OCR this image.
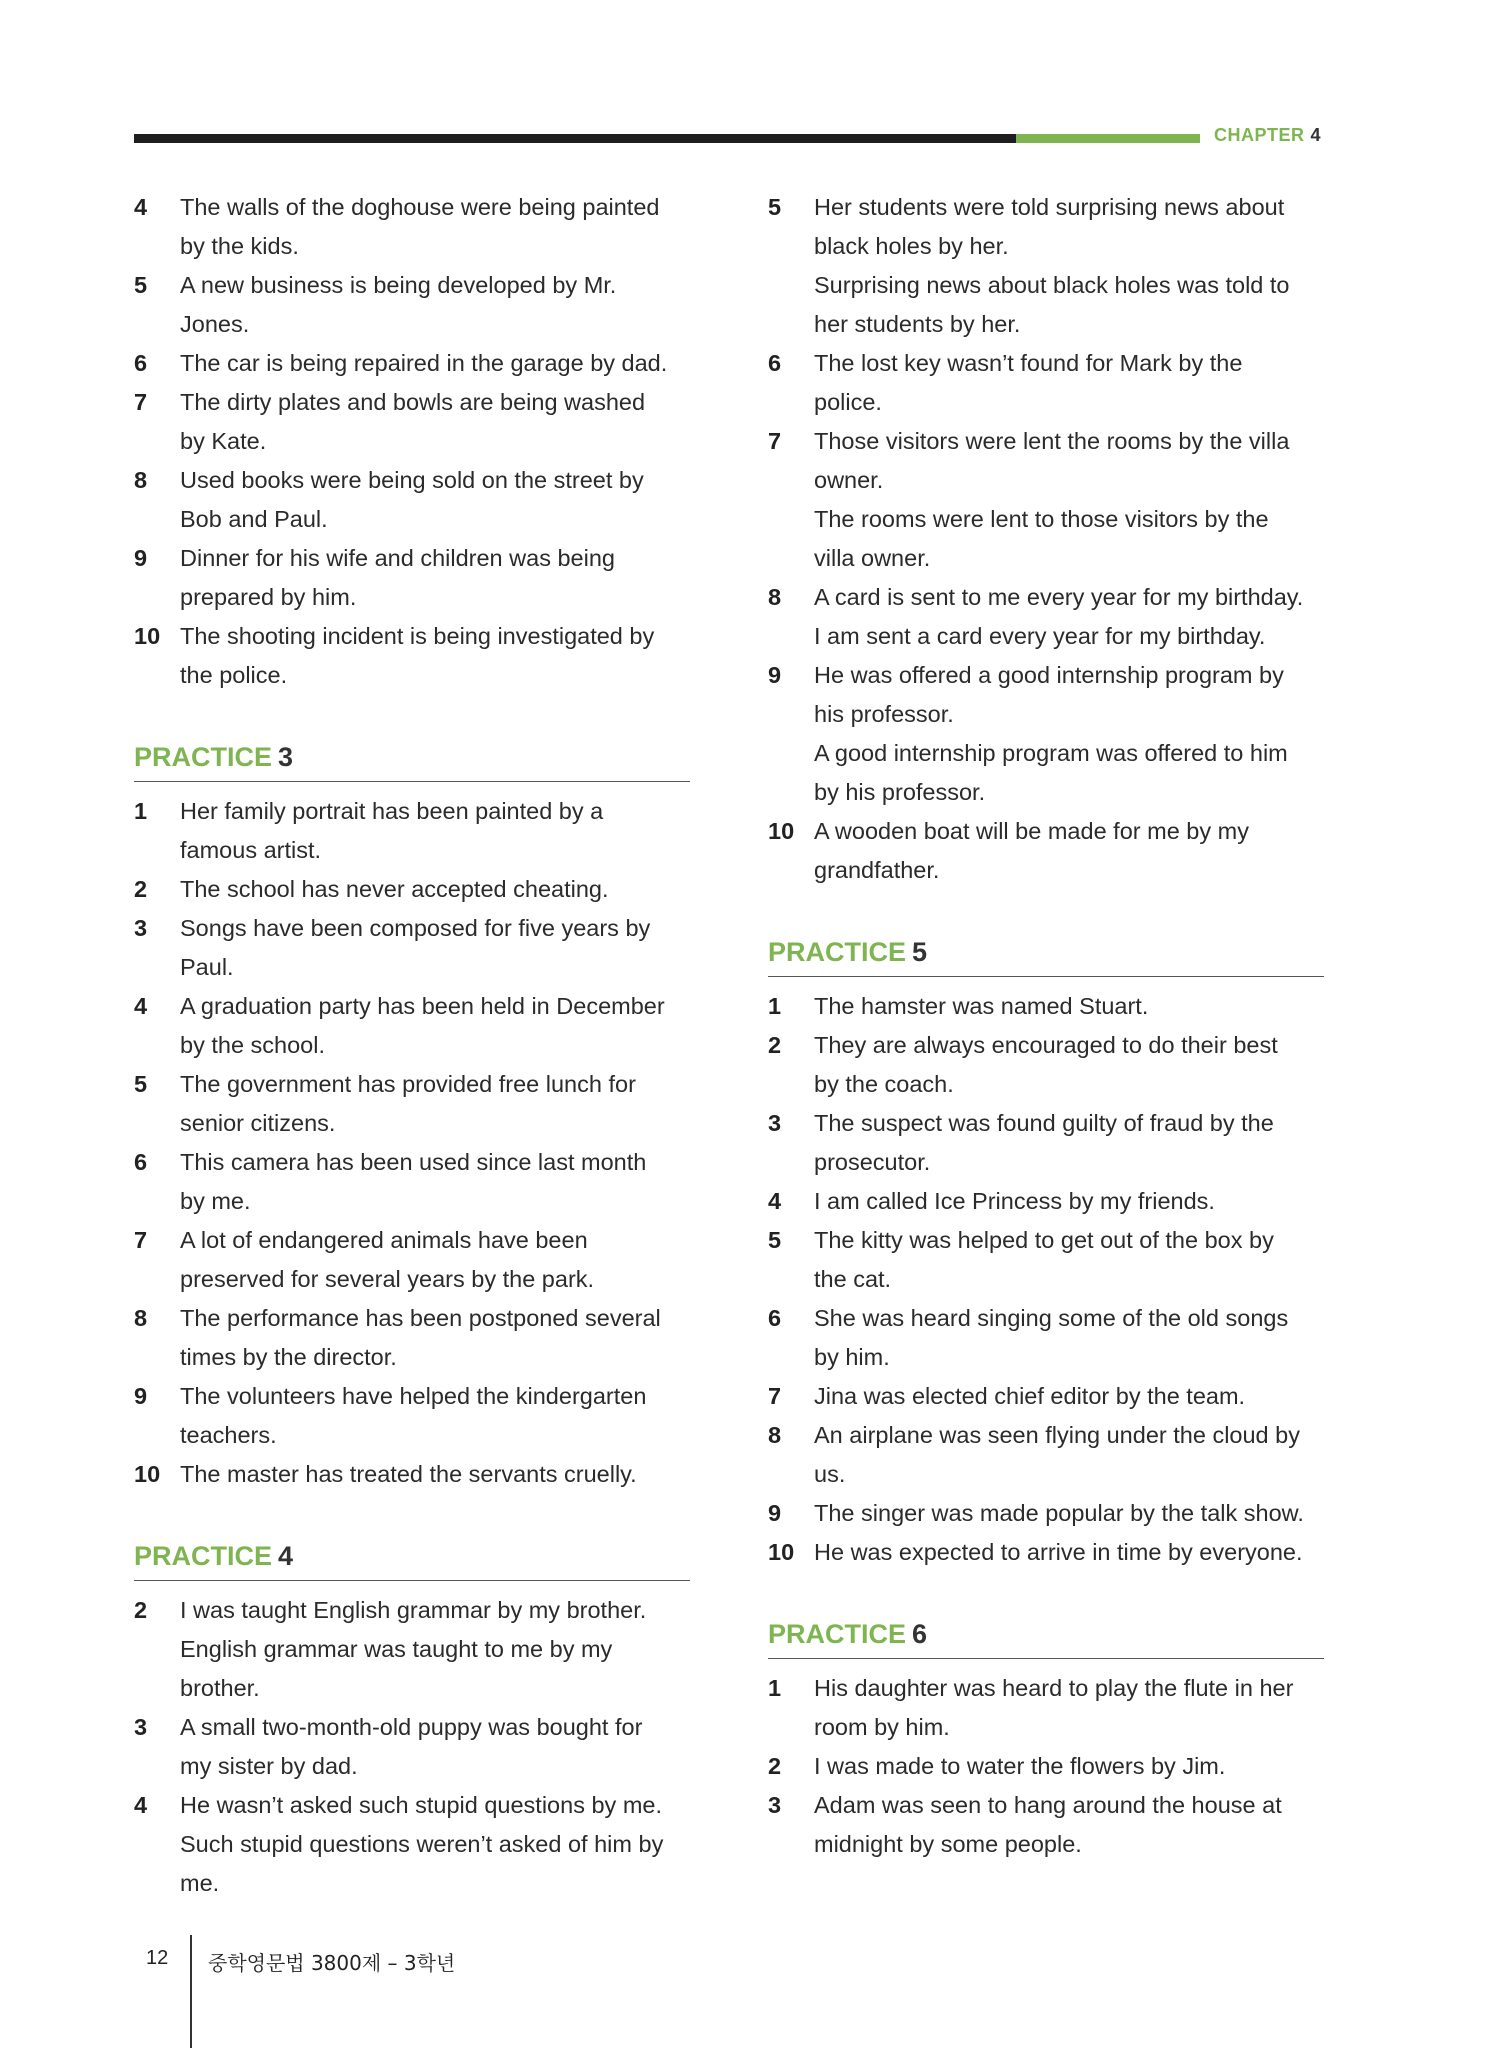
CHAPTER 4
4 The walls of the doghouse were being painted
by the kids.
5 A new business is being developed by Mr.
Jones.
6 The car is being repaired in the garage by dad.
7 The dirty plates and bowls are being washed
by Kate.
8 Used books were being sold on the street by
Bob and Paul.
9 Dinner for his wife and children was being
prepared by him.
10 The shooting incident is being investigated by
the police.
PRACTICE 3
1 Her family portrait has been painted by a
famous artist.
2 The school has never accepted cheating.
3 Songs have been composed for five years by
Paul.
4 A graduation party has been held in December
by the school.
5 The government has provided free lunch for
senior citizens.
6 This camera has been used since last month
by me.
7 A lot of endangered animals have been
preserved for several years by the park.
8 The performance has been postponed several
times by the director.
9 The volunteers have helped the kindergarten
teachers.
10 The master has treated the servants cruelly.
PRACTICE 4
2 I was taught English grammar by my brother.
English grammar was taught to me by my
brother.
3 A small two-month-old puppy was bought for
my sister by dad.
4 He wasn’t asked such stupid questions by me.
Such stupid questions weren’t asked of him by
me.
5 Her students were told surprising news about
black holes by her.
Surprising news about black holes was told to
her students by her.
6 The lost key wasn’t found for Mark by the
police.
7 Those visitors were lent the rooms by the villa
owner.
The rooms were lent to those visitors by the
villa owner.
8 A card is sent to me every year for my birthday.
I am sent a card every year for my birthday.
9 He was offered a good internship program by
his professor.
A good internship program was offered to him
by his professor.
10 A wooden boat will be made for me by my
grandfather.
PRACTICE 5
1 The hamster was named Stuart.
2 They are always encouraged to do their best
by the coach.
3 The suspect was found guilty of fraud by the
prosecutor.
4 I am called Ice Princess by my friends.
5 The kitty was helped to get out of the box by
the cat.
6 She was heard singing some of the old songs
by him.
7 Jina was elected chief editor by the team.
8 An airplane was seen flying under the cloud by
us.
9 The singer was made popular by the talk show.
10 He was expected to arrive in time by everyone.
PRACTICE 6
1 His daughter was heard to play the flute in her
room by him.
2 I was made to water the flowers by Jim.
3 Adam was seen to hang around the house at
midnight by some people.
12 중학영문법 3800제 – 3학년
